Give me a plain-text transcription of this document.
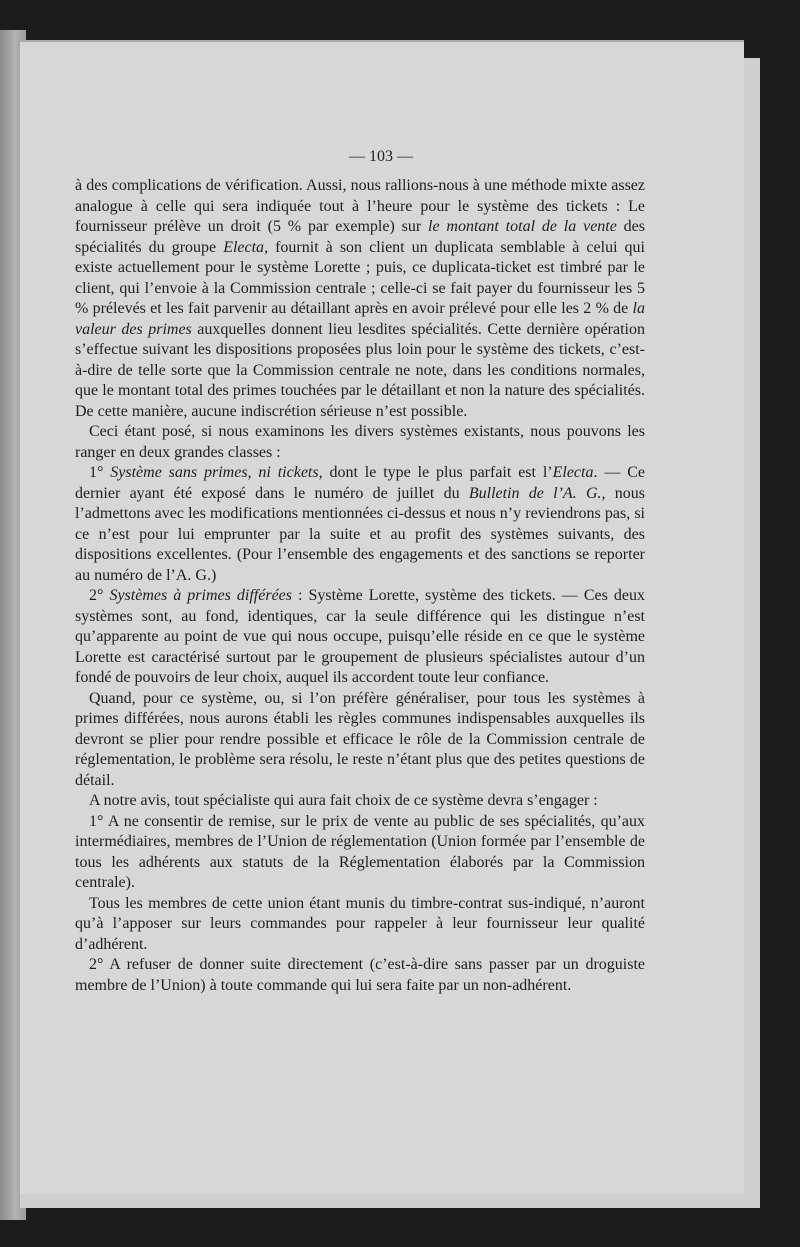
— 103 —

à des complications de vérification. Aussi, nous rallions-nous à une méthode mixte assez analogue à celle qui sera indiquée tout à l’heure pour le système des tickets : Le fournisseur prélève un droit (5 % par exemple) sur le montant total de la vente des spécialités du groupe Electa, fournit à son client un duplicata semblable à celui qui existe actuellement pour le système Lorette ; puis, ce duplicata-ticket est timbré par le client, qui l’envoie à la Commission centrale ; celle-ci se fait payer du fournisseur les 5 % prélevés et les fait parvenir au détaillant après en avoir prélevé pour elle les 2 % de la valeur des primes auxquelles donnent lieu lesdites spécialités. Cette dernière opération s’effectue suivant les dispositions proposées plus loin pour le système des tickets, c’est-à-dire de telle sorte que la Commission centrale ne note, dans les conditions normales, que le montant total des primes touchées par le détaillant et non la nature des spécialités. De cette manière, aucune indiscrétion sérieuse n’est possible.

Ceci étant posé, si nous examinons les divers systèmes existants, nous pouvons les ranger en deux grandes classes :

1° Système sans primes, ni tickets, dont le type le plus parfait est l’Electa. — Ce dernier ayant été exposé dans le numéro de juillet du Bulletin de l’A. G., nous l’admettons avec les modifications mentionnées ci-dessus et nous n’y reviendrons pas, si ce n’est pour lui emprunter par la suite et au profit des systèmes suivants, des dispositions excellentes. (Pour l’ensemble des engagements et des sanctions se reporter au numéro de l’A. G.)

2° Systèmes à primes différées : Système Lorette, système des tickets. — Ces deux systèmes sont, au fond, identiques, car la seule différence qui les distingue n’est qu’apparente au point de vue qui nous occupe, puisqu’elle réside en ce que le système Lorette est caractérisé surtout par le groupement de plusieurs spécialistes autour d’un fondé de pouvoirs de leur choix, auquel ils accordent toute leur confiance.

Quand, pour ce système, ou, si l’on préfère généraliser, pour tous les systèmes à primes différées, nous aurons établi les règles communes indispensables auxquelles ils devront se plier pour rendre possible et efficace le rôle de la Commission centrale de réglementation, le problème sera résolu, le reste n’étant plus que des petites questions de détail.

A notre avis, tout spécialiste qui aura fait choix de ce système devra s’engager :

1° A ne consentir de remise, sur le prix de vente au public de ses spécialités, qu’aux intermédiaires, membres de l’Union de réglementation (Union formée par l’ensemble de tous les adhérents aux statuts de la Réglementation élaborés par la Commission centrale).

Tous les membres de cette union étant munis du timbre-contrat sus-indiqué, n’auront qu’à l’apposer sur leurs commandes pour rappeler à leur fournisseur leur qualité d’adhérent.

2° A refuser de donner suite directement (c’est-à-dire sans passer par un droguiste membre de l’Union) à toute commande qui lui sera faite par un non-adhérent.
